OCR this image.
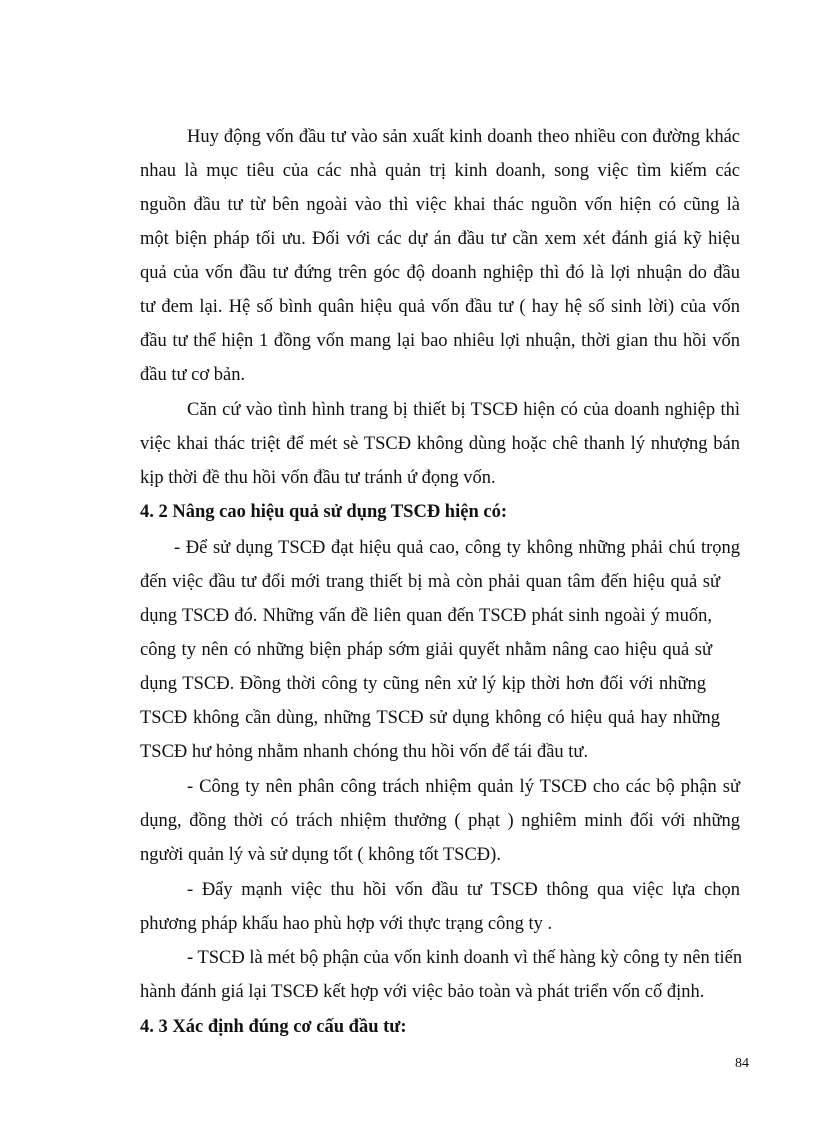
Huy động vốn đầu tư vào sản xuất kinh doanh theo nhiều con đường khác

nhau là mục tiêu của các nhà quản trị kinh doanh, song việc tìm kiếm các

nguồn đầu tư từ bên ngoài vào thì việc khai thác nguồn vốn hiện có cũng là

một biện pháp tối ưu. Đối với các dự án đầu tư cần xem xét đánh giá kỹ hiệu

quả của vốn đầu tư đứng trên góc độ doanh nghiệp thì đó là lợi nhuận do đầu

tư đem lại. Hệ số bình quân hiệu quả vốn đầu tư ( hay hệ số sinh lời) của vốn

đầu tư thể hiện 1 đồng vốn mang lại bao nhiêu lợi nhuận, thời gian thu hồi vốn

đầu tư cơ bản.

Căn cứ vào tình hình trang bị thiết bị TSCĐ hiện có của doanh nghiệp thì

việc khai thác triệt để mét sè TSCĐ không dùng hoặc chê thanh lý nhượng bán

kịp thời đề thu hồi vốn đầu tư tránh ứ đọng vốn.

4. 2 Nâng cao hiệu quả sử dụng TSCĐ hiện có:

- Để sử dụng TSCĐ đạt hiệu quả cao, công ty không những phải chú trọng

đến việc đầu tư đổi mới trang thiết bị mà còn phải quan tâm đến hiệu quả sử

dụng TSCĐ đó. Những vấn đề liên quan đến TSCĐ phát sinh ngoài ý muốn,

công ty nên có những biện pháp sớm giải quyết nhằm nâng cao hiệu quả sử

dụng TSCĐ. Đồng thời công ty cũng nên xử lý kịp thời hơn đối với những

TSCĐ không cần dùng, những TSCĐ sử dụng không có hiệu quả hay những

TSCĐ hư hỏng nhằm nhanh chóng thu hồi vốn để tái đầu tư.

- Công ty nên phân công trách nhiệm quản lý TSCĐ cho các bộ phận sử

dụng, đồng thời có trách nhiệm thưởng ( phạt ) nghiêm minh đối với những

người quản lý và sử dụng tốt ( không tốt TSCĐ).

- Đẩy mạnh việc thu hồi vốn đầu tư TSCĐ thông qua việc lựa chọn

phương pháp khấu hao phù hợp với thực trạng công ty .

- TSCĐ là mét bộ phận của vốn kinh doanh vì thế hàng kỳ công ty nên tiến

hành đánh giá lại TSCĐ kết hợp với việc bảo toàn và phát triển vốn cố định.

4. 3 Xác định đúng cơ cấu đầu tư:

84
